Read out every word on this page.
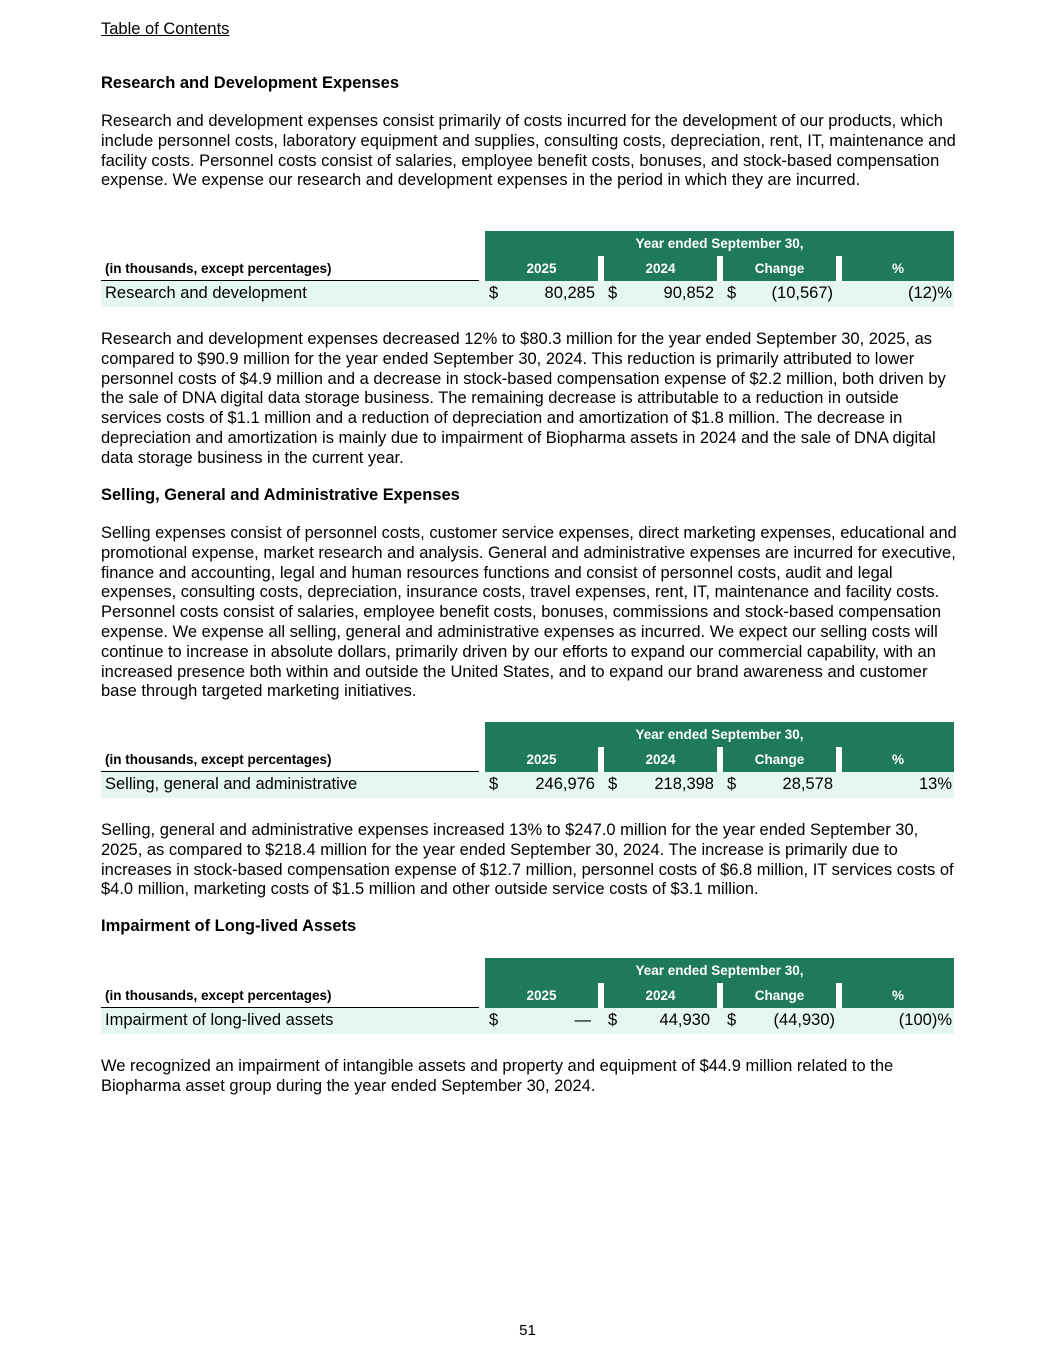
Table of Contents
Research and Development Expenses

Research and development expenses consist primarily of costs incurred for the development of our products, which include personnel costs, laboratory equipment and supplies, consulting costs, depreciation, rent, IT, maintenance and facility costs. Personnel costs consist of salaries, employee benefit costs, bonuses, and stock-based compensation expense. We expense our research and development expenses in the period in which they are incurred.

Year ended September 30,
(in thousands, except percentages)	2025	2024	Change	%
Research and development	$	80,285 $	90,852 $	(10,567)	(12)%

Research and development expenses decreased 12% to $80.3 million for the year ended September 30, 2025, as compared to $90.9 million for the year ended September 30, 2024. This reduction is primarily attributed to lower personnel costs of $4.9 million and a decrease in stock-based compensation expense of $2.2 million, both driven by the sale of DNA digital data storage business. The remaining decrease is attributable to a reduction in outside services costs of $1.1 million and a reduction of depreciation and amortization of $1.8 million. The decrease in depreciation and amortization is mainly due to impairment of Biopharma assets in 2024 and the sale of DNA digital data storage business in the current year.

Selling, General and Administrative Expenses

Selling expenses consist of personnel costs, customer service expenses, direct marketing expenses, educational and promotional expense, market research and analysis. General and administrative expenses are incurred for executive, finance and accounting, legal and human resources functions and consist of personnel costs, audit and legal expenses, consulting costs, depreciation, insurance costs, travel expenses, rent, IT, maintenance and facility costs. Personnel costs consist of salaries, employee benefit costs, bonuses, commissions and stock-based compensation expense. We expense all selling, general and administrative expenses as incurred. We expect our selling costs will continue to increase in absolute dollars, primarily driven by our efforts to expand our commercial capability, with an increased presence both within and outside the United States, and to expand our brand awareness and customer base through targeted marketing initiatives.

Year ended September 30,
(in thousands, except percentages)	2025	2024	Change	%
Selling, general and administrative	$	246,976 $	218,398 $	28,578	13%

Selling, general and administrative expenses increased 13% to $247.0 million for the year ended September 30, 2025, as compared to $218.4 million for the year ended September 30, 2024. The increase is primarily due to increases in stock-based compensation expense of $12.7 million, personnel costs of $6.8 million, IT services costs of $4.0 million, marketing costs of $1.5 million and other outside service costs of $3.1 million.

Impairment of Long-lived Assets
Year ended September 30,
(in thousands, except percentages)	2025	2024	Change	%
Impairment of long-lived assets	$	— $	44,930 $	(44,930)	(100)%

We recognized an impairment of intangible assets and property and equipment of $44.9 million related to the Biopharma asset group during the year ended September 30, 2024.

51
